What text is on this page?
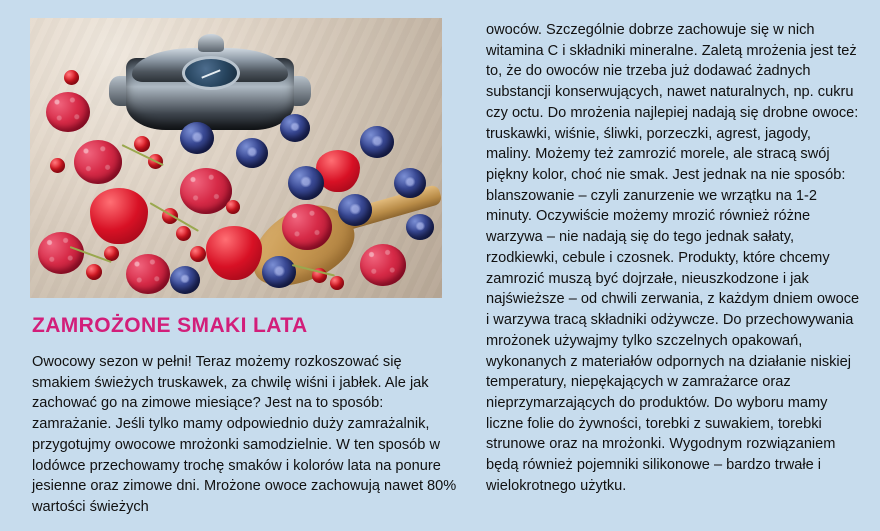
ZAMROŻONE SMAKI LATA

Owocowy sezon w pełni! Teraz możemy rozkoszować się smakiem świeżych truskawek, za chwilę wiśni i jabłek. Ale jak zachować go na zimowe miesiące? Jest na to sposób: zamrażanie. Jeśli tylko mamy odpowiednio duży zamrażalnik, przygotujmy owocowe mrożonki samodzielnie. W ten sposób w lodówce przechowamy trochę smaków i kolorów lata na ponure jesienne oraz zimowe dni. Mrożone owoce zachowują nawet 80% wartości świeżych

owoców. Szczególnie dobrze zachowuje się w nich witamina C i składniki mineralne. Zaletą mrożenia jest też to, że do owoców nie trzeba już dodawać żadnych substancji konserwujących, nawet naturalnych, np. cukru czy octu. Do mrożenia najlepiej nadają się drobne owoce: truskawki, wiśnie, śliwki, porzeczki, agrest, jagody, maliny. Możemy też zamrozić morele, ale stracą swój piękny kolor, choć nie smak. Jest jednak na nie sposób: blanszowanie – czyli zanurzenie we wrzątku na 1-2 minuty. Oczywiście możemy mrozić również różne warzywa – nie nadają się do tego jednak sałaty, rzodkiewki, cebule i czosnek. Produkty, które chcemy zamrozić muszą być dojrzałe, nieuszkodzone i jak najświeższe – od chwili zerwania, z każdym dniem owoce i warzywa tracą składniki odżywcze. Do przechowywania mrożonek używajmy tylko szczelnych opakowań, wykonanych z materiałów odpornych na działanie niskiej temperatury, niepękających w zamrażarce oraz nieprzymarzających do produktów. Do wyboru mamy liczne folie do żywności, torebki z suwakiem, torebki strunowe oraz na mrożonki. Wygodnym rozwiązaniem będą również pojemniki silikonowe – bardzo trwałe i wielokrotnego użytku.
